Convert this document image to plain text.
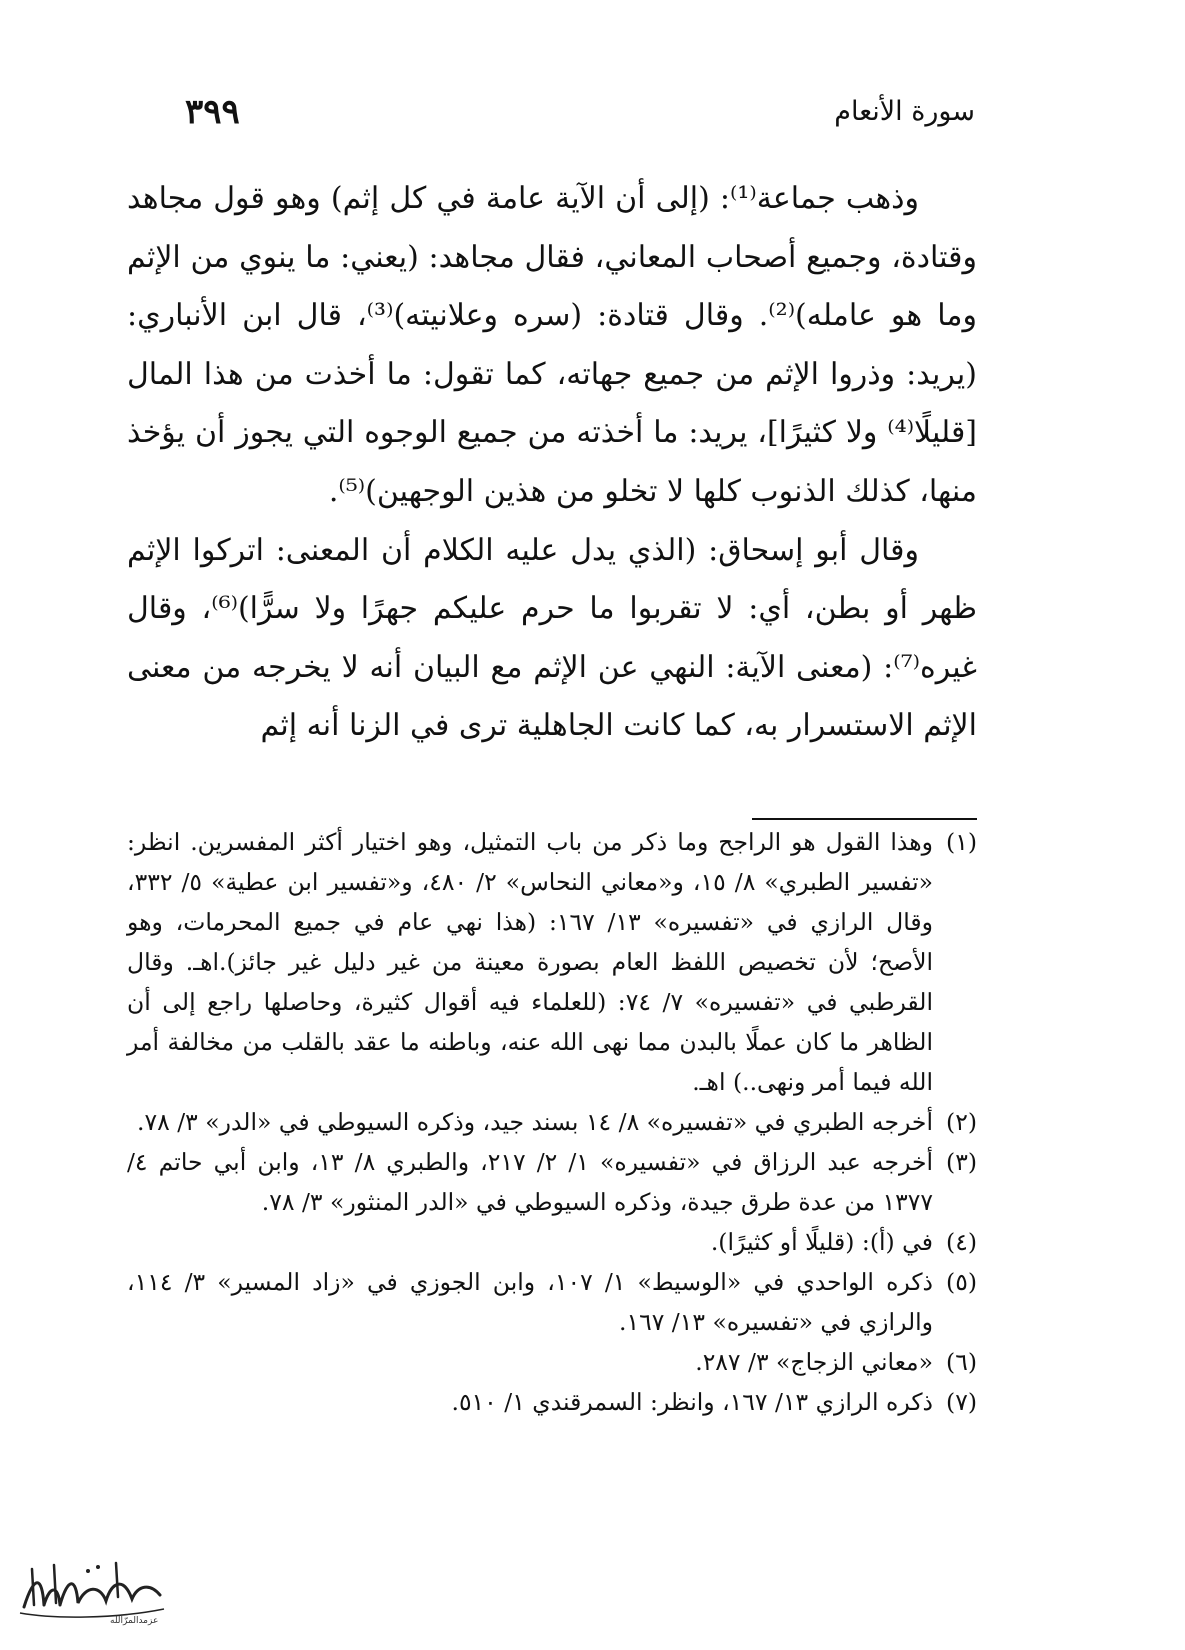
٣٩٩	سورة الأنعام

وذهب جماعة⁽¹⁾: (إلى أن الآية عامة في كل إثم) وهو قول مجاهد وقتادة، وجميع أصحاب المعاني، فقال مجاهد: (يعني: ما ينوي من الإثم وما هو عامله)⁽²⁾. وقال قتادة: (سره وعلانيته)⁽³⁾، قال ابن الأنباري: (يريد: وذروا الإثم من جميع جهاته، كما تقول: ما أخذت من هذا المال [قليلًا⁽⁴⁾ ولا كثيرًا]، يريد: ما أخذته من جميع الوجوه التي يجوز أن يؤخذ منها، كذلك الذنوب كلها لا تخلو من هذين الوجهين)⁽⁵⁾.

وقال أبو إسحاق: (الذي يدل عليه الكلام أن المعنى: اتركوا الإثم ظهر أو بطن، أي: لا تقربوا ما حرم عليكم جهرًا ولا سرًّا)⁽⁶⁾، وقال غيره⁽⁷⁾: (معنى الآية: النهي عن الإثم مع البيان أنه لا يخرجه من معنى الإثم الاستسرار به، كما كانت الجاهلية ترى في الزنا أنه إثم

(١)
وهذا القول هو الراجح وما ذكر من باب التمثيل، وهو اختيار أكثر المفسرين. انظر: «تفسير الطبري» ٨/ ١٥، و«معاني النحاس» ٢/ ٤٨٠، و«تفسير ابن عطية» ٥/ ٣٣٢، وقال الرازي في «تفسيره» ١٣/ ١٦٧: (هذا نهي عام في جميع المحرمات، وهو الأصح؛ لأن تخصيص اللفظ العام بصورة معينة من غير دليل غير جائز).اهـ. وقال القرطبي في «تفسيره» ٧/ ٧٤: (للعلماء فيه أقوال كثيرة، وحاصلها راجع إلى أن الظاهر ما كان عملًا بالبدن مما نهى الله عنه، وباطنه ما عقد بالقلب من مخالفة أمر الله فيما أمر ونهى..) اهـ.
(٢)
أخرجه الطبري في «تفسيره» ٨/ ١٤ بسند جيد، وذكره السيوطي في «الدر» ٣/ ٧٨.
(٣)
أخرجه عبد الرزاق في «تفسيره» ١/ ٢/ ٢١٧، والطبري ٨/ ١٣، وابن أبي حاتم ٤/ ١٣٧٧ من عدة طرق جيدة، وذكره السيوطي في «الدر المنثور» ٣/ ٧٨.
(٤)
في (أ): (قليلًا أو كثيرًا).
(٥)
ذكره الواحدي في «الوسيط» ١/ ١٠٧، وابن الجوزي في «زاد المسير» ٣/ ١١٤، والرازي في «تفسيره» ١٣/ ١٦٧.
(٦)
«معاني الزجاج» ٣/ ٢٨٧.
(٧)
ذكره الرازي ١٣/ ١٦٧، وانظر: السمرقندي ١/ ٥١٠.
عزمدالمرّالله
